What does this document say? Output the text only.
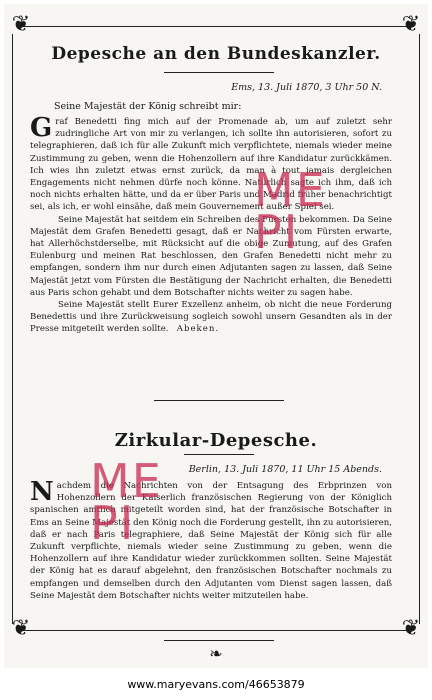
❦	❦
❦	❦
Depesche an den Bundeskanzler.
Ems, 13. Juli 1870, 3 Uhr 50 N.
Seine Majestät der König schreibt mir:

Graf Benedetti fing mich auf der Promenade ab, um auf zuletzt sehr zudringliche Art von mir zu verlangen, ich sollte ihn autorisieren, sofort zu telegraphieren, daß ich für alle Zukunft mich verpflichtete, niemals wieder meine Zustimmung zu geben, wenn die Hohenzollern auf ihre Kandidatur zurückkämen. Ich wies ihn zuletzt etwas ernst zurück, da man à tout jamais dergleichen Engagements nicht nehmen dürfe noch könne. Natürlich sagte ich ihm, daß ich noch nichts erhalten hätte, und da er über Paris und Madrid früher benachrichtigt sei, als ich, er wohl einsähe, daß mein Gouvernement außer Spiel sei.

Seine Majestät hat seitdem ein Schreiben des Fürsten bekommen. Da Seine Majestät dem Grafen Benedetti gesagt, daß er Nachricht vom Fürsten erwarte, hat Allerhöchstderselbe, mit Rücksicht auf die obige Zumutung, auf des Grafen Eulenburg und meinen Rat beschlossen, den Grafen Benedetti nicht mehr zu empfangen, sondern ihm nur durch einen Adjutanten sagen zu lassen, daß Seine Majestät jetzt vom Fürsten die Bestätigung der Nachricht erhalten, die Benedetti aus Paris schon gehabt und dem Botschafter nichts weiter zu sagen habe.

Seine Majestät stellt Eurer Exzellenz anheim, ob nicht die neue Forderung Benedettis und ihre Zurückweisung sogleich sowohl unsern Gesandten als in der Presse mitgeteilt werden sollte. Abeken.

Zirkular-Depesche.
Berlin, 13. Juli 1870, 11 Uhr 15 Abends.

Nachdem die Nachrichten von der Entsagung des Erbprinzen von Hohenzollern der Kaiserlich französischen Regierung von der Königlich spanischen amtlich mitgeteilt worden sind, hat der französische Botschafter in Ems an Seine Majestät den König noch die Forderung gestellt, ihn zu autorisieren, daß er nach Paris telegraphiere, daß Seine Majestät der König sich für alle Zukunft verpflichte, niemals wieder seine Zustimmung zu geben, wenn die Hohenzollern auf ihre Kandidatur wieder zurückkommen sollten. Seine Majestät der König hat es darauf abgelehnt, den französischen Botschafter nochmals zu empfangen und demselben durch den Adjutanten vom Dienst sagen lassen, daß Seine Majestät dem Botschafter nichts weiter mitzuteilen habe.

❧
ME
PI
ME
PI
www.maryevans.com/46653879
